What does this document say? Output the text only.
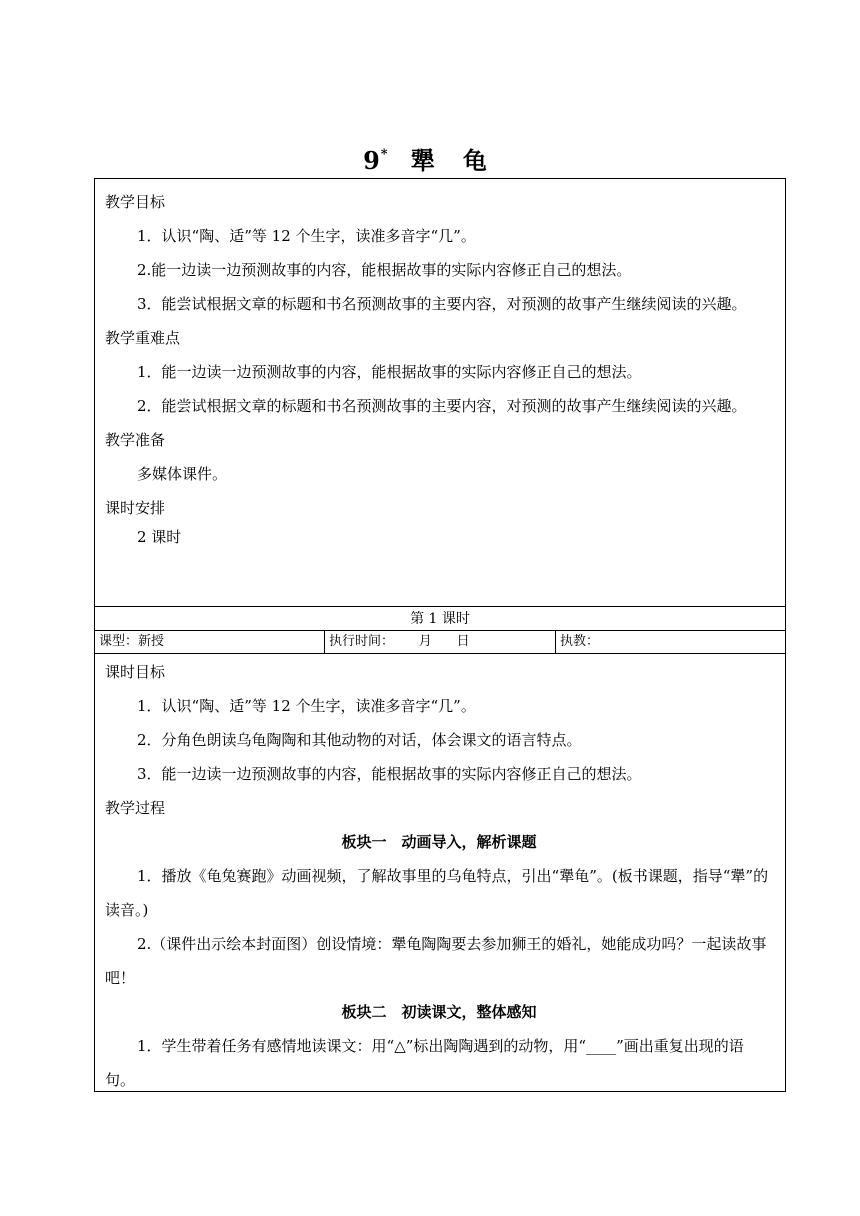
9* 犟 龟

教学目标

1．认识“陶、适”等 12 个生字，读准多音字“几”。

2.能一边读一边预测故事的内容，能根据故事的实际内容修正自己的想法。

3．能尝试根据文章的标题和书名预测故事的主要内容，对预测的故事产生继续阅读的兴趣。

教学重难点

1．能一边读一边预测故事的内容，能根据故事的实际内容修正自己的想法。

2．能尝试根据文章的标题和书名预测故事的主要内容，对预测的故事产生继续阅读的兴趣。

教学准备

多媒体课件。

课时安排

2 课时

第 1 课时
课型：新授	执行时间：      月      日	执教：

课时目标

1．认识“陶、适”等 12 个生字，读准多音字“几”。

2．分角色朗读乌龟陶陶和其他动物的对话，体会课文的语言特点。

3．能一边读一边预测故事的内容，能根据故事的实际内容修正自己的想法。

教学过程

板块一　动画导入，解析课题

1．播放《龟兔赛跑》动画视频，了解故事里的乌龟特点，引出“犟龟”。(板书课题，指导“犟”的读音。)

2.（课件出示绘本封面图）创设情境：犟龟陶陶要去参加狮王的婚礼，她能成功吗？一起读故事吧！

板块二　初读课文，整体感知

1．学生带着任务有感情地读课文：用“△”标出陶陶遇到的动物，用“____”画出重复出现的语句。
